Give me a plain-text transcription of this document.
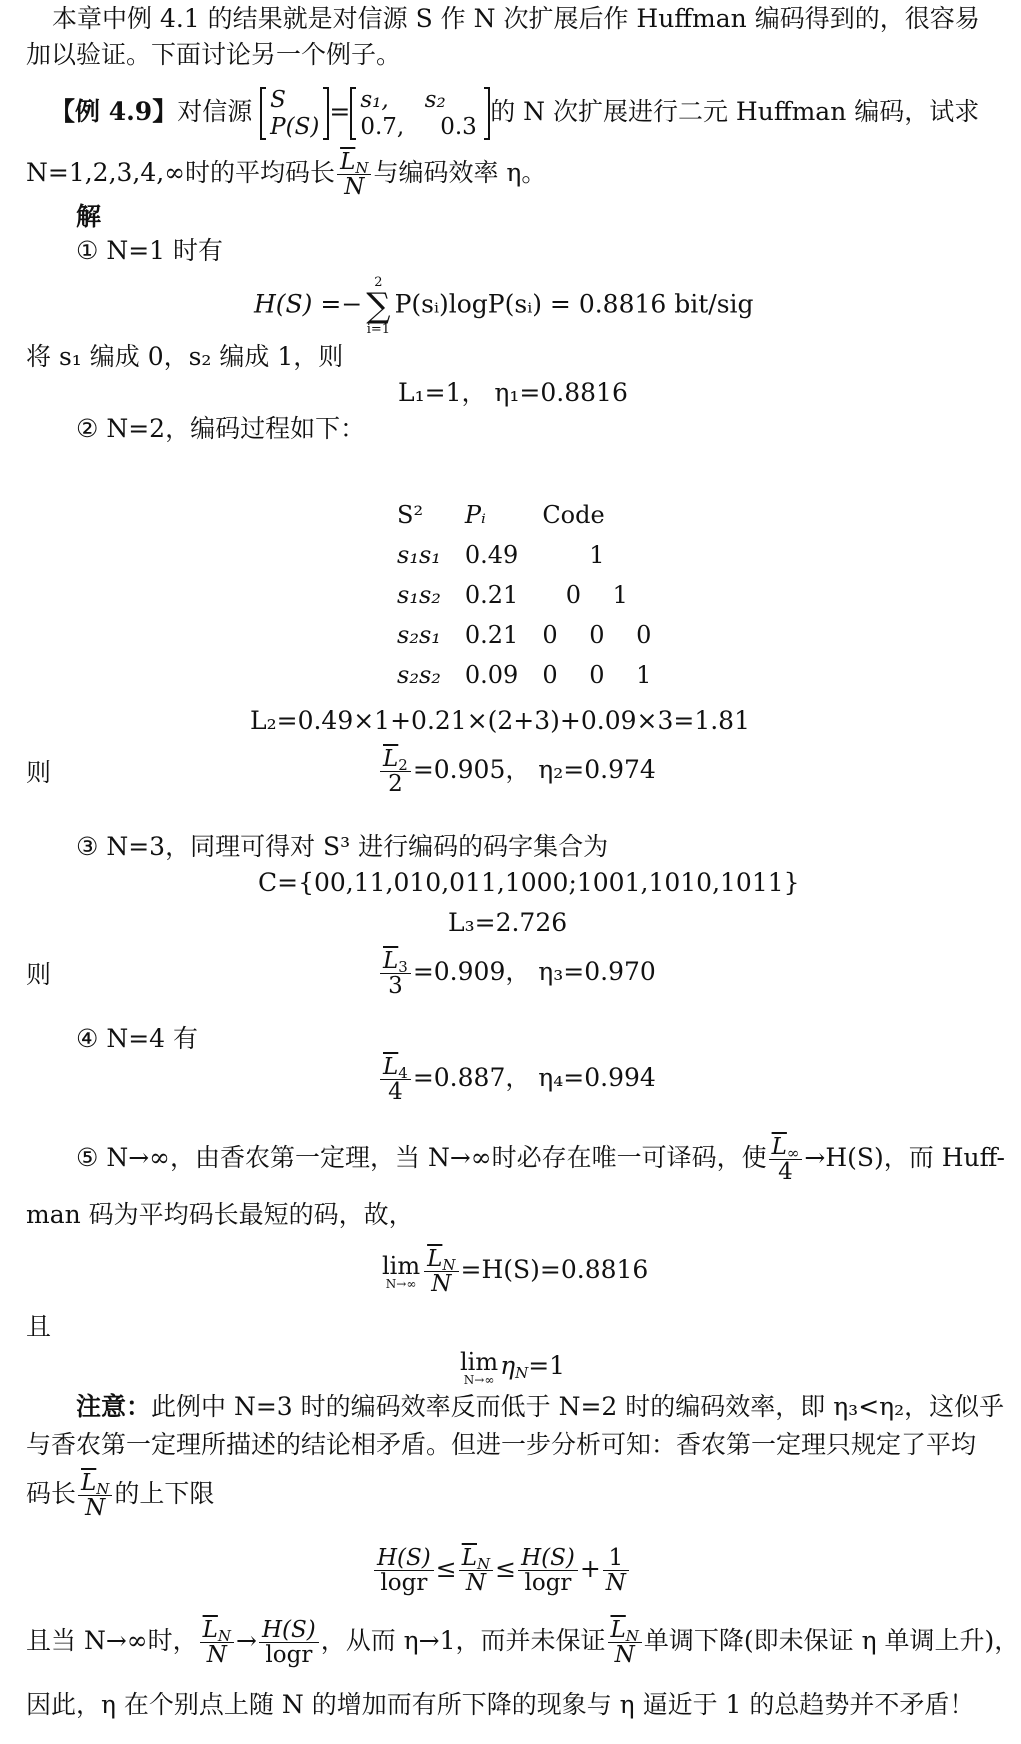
本章中例 4.1 的结果就是对信源 S 作 N 次扩展后作 Huffman 编码得到的，很容易
加以验证。下面讨论另一个例子。
【例 4.9】对信源 S
P(S)
= s₁, s₂
0.7, 0.3
的 N 次扩展进行二元 Huffman 编码，试求
N=1,2,3,4,∞时的平均码长 $\frac{\overline{L}_N}{N}$ 与编码效率 η。
解
① N=1 时有
H(S) =−
2
∑
i=1
P(sᵢ)logP(sᵢ) = 0.8816 bit/sig
将 s₁ 编成 0，s₂ 编成 1，则
L₁=1， η₁=0.8816
② N=2，编码过程如下：
S²	Pᵢ	Code
s₁s₁	0.49	1
s₁s₂	0.21	0 1
s₂s₁	0.21	0 0 0
s₂s₂	0.09	0 0 1
L₂=0.49×1+0.21×(2+3)+0.09×3=1.81
则	$\frac{\overline{L}_2}{2} =0.905$， η₂=0.974
③ N=3，同理可得对 S³ 进行编码的码字集合为
C={00,11,010,011,1000;1001,1010,1011}
L₃=2.726
则	$\frac{\overline{L}_3}{3} =0.909$， η₃=0.970
④ N=4 有
$\frac{\overline{L}_4}{4} =0.887$， η₄=0.994
⑤ N→∞，由香农第一定理，当 N→∞时必存在唯一可译码，使 $\frac{\overline{L}_\infty}{4} \to H(S)$，而 Huff-
man 码为平均码长最短的码，故，
lim
$N\to\infty \frac{\overline{L}_N}{N} =H(S)=0.8816$
且
lim
N→∞ $\eta_N=1$
注意：此例中 N=3 时的编码效率反而低于 N=2 时的编码效率，即 η₃<η₂，这似乎
与香农第一定理所描述的结论相矛盾。但进一步分析可知：香农第一定理只规定了平均
码长 $\frac{\overline{L}_N}{N}$ 的上下限
$\frac{H(S)}{\log r} \le \frac{\overline{L}_N}{N} \le \frac{H(S)}{\log r} + \frac{1}{N}$
且当 N→∞时， $\frac{\overline{L}_N}{N} \to \frac{H(S)}{\log r}$ ，从而 η→1，而并未保证 $\frac{\overline{L}_N}{N}$ 单调下降(即未保证 η 单调上升)，
因此，η 在个别点上随 N 的增加而有所下降的现象与 η 逼近于 1 的总趋势并不矛盾！
